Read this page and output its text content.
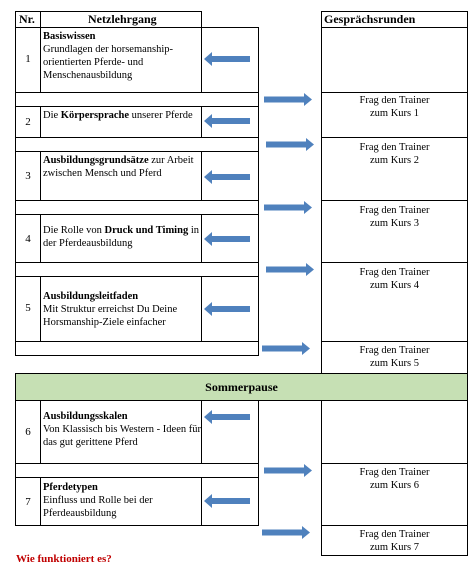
Nr.	Netzlehrgang	Gesprächsrunden
1
Basiswissen
Grundlagen der horsemanship-orientierten Pferde- und Menschenausbildung
Frag den Trainer
zum Kurs 1
2
Die Körpersprache unserer Pferde
Frag den Trainer
zum Kurs 2
3
Ausbildungsgrundsätze zur Arbeit zwischen Mensch und Pferd
Frag den Trainer
zum Kurs 3
4
Die Rolle von Druck und Timing in der Pferdeausbildung
Frag den Trainer
zum Kurs 4
5
Ausbildungsleitfaden
Mit Struktur erreichst Du Deine Horsmanship-Ziele einfacher
Frag den Trainer
zum Kurs 5
Sommerpause
6
Ausbildungsskalen
Von Klassisch bis Western - Ideen für das gut gerittene Pferd
Frag den Trainer
zum Kurs 6
7
Pferdetypen
Einfluss und Rolle bei der Pferdeausbildung
Frag den Trainer
zum Kurs 7
Wie funktioniert es?
